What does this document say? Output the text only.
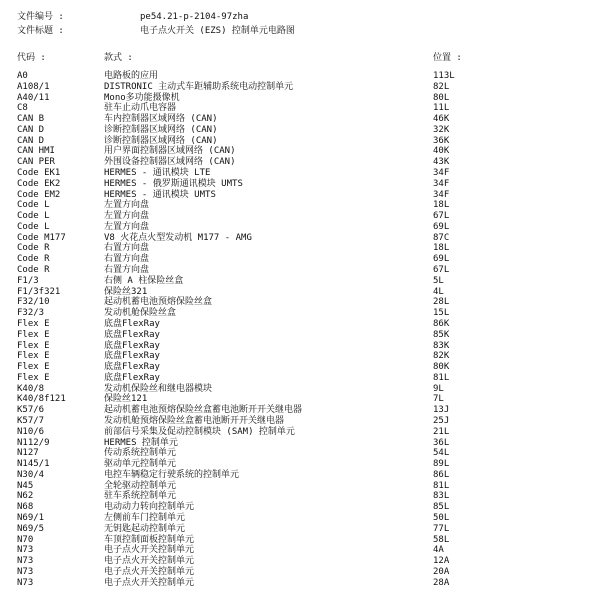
文件编号 :	pe54.21-p-2104-97zha
文件标题 :	电子点火开关 (EZS) 控制单元电路图
代码 :	款式 :	位置 :
A0	电路板的应用	113L
A108/1	DISTRONIC 主动式车距辅助系统电动控制单元	82L
A40/11	Mono多功能摄像机	80L
C8	驻车止动爪电容器	11L
CAN B	车内控制器区域网络 (CAN)	46K
CAN D	诊断控制器区域网络 (CAN)	32K
CAN D	诊断控制器区域网络 (CAN)	36K
CAN HMI	用户界面控制器区域网络 (CAN)	40K
CAN PER	外围设备控制器区域网络 (CAN)	43K
Code EK1	HERMES - 通讯模块 LTE	34F
Code EK2	HERMES - 俄罗斯通讯模块 UMTS	34F
Code EM2	HERMES - 通讯模块 UMTS	34F
Code L	左置方向盘	18L
Code L	左置方向盘	67L
Code L	左置方向盘	69L
Code M177	V8 火花点火型发动机 M177 - AMG	87C
Code R	右置方向盘	18L
Code R	右置方向盘	69L
Code R	右置方向盘	67L
F1/3	右侧 A 柱保险丝盒	5L
F1/3f321	保险丝321	4L
F32/10	起动机蓄电池预熔保险丝盒	28L
F32/3	发动机舱保险丝盒	15L
Flex E	底盘FlexRay	86K
Flex E	底盘FlexRay	85K
Flex E	底盘FlexRay	83K
Flex E	底盘FlexRay	82K
Flex E	底盘FlexRay	80K
Flex E	底盘FlexRay	81L
K40/8	发动机保险丝和继电器模块	9L
K40/8f121	保险丝121	7L
K57/6	起动机蓄电池预熔保险丝盒蓄电池断开开关继电器	13J
K57/7	发动机舱预熔保险丝盒蓄电池断开开关继电器	25J
N10/6	前部信号采集及促动控制模块 (SAM) 控制单元	21L
N112/9	HERMES 控制单元	36L
N127	传动系统控制单元	54L
N145/1	驱动单元控制单元	89L
N30/4	电控车辆稳定行驶系统的控制单元	86L
N45	全轮驱动控制单元	81L
N62	驻车系统控制单元	83L
N68	电动动力转向控制单元	85L
N69/1	左侧前车门控制单元	50L
N69/5	无钥匙起动控制单元	77L
N70	车顶控制面板控制单元	58L
N73	电子点火开关控制单元	4A
N73	电子点火开关控制单元	12A
N73	电子点火开关控制单元	20A
N73	电子点火开关控制单元	28A
